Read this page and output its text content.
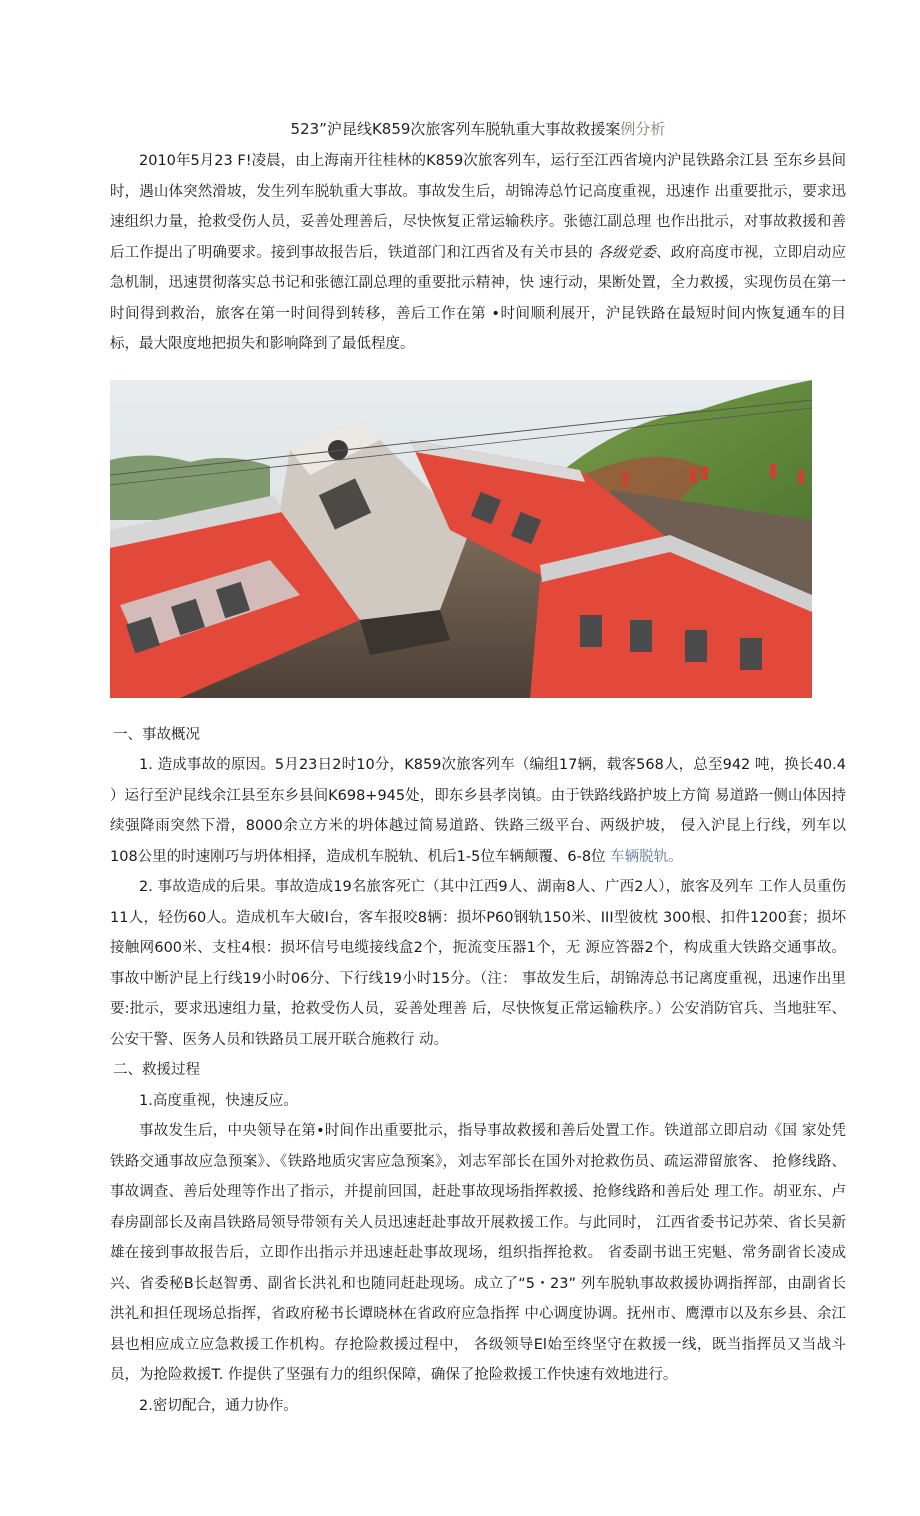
523”沪昆线K859次旅客列车脱轨重大事故救援案例分析

2010年5月23 F!凌晨，由上海南开往桂林的K859次旅客列车，运行至江西省境内沪昆铁路余江县 至东乡县间时，遇山体突然滑坡，发生列车脱轨重大事故。事故发生后，胡锦涛总竹记高度重视，迅速作 出重要批示，要求迅速组织力量，抢救受伤人员，妥善处理善后，尽快恢复正常运输秩序。张德江副总理 也作出批示，对事故救援和善后工作提出了明确要求。接到事故报告后，铁道部门和江西省及有关市县的 各级党委、政府高度市视，立即启动应急机制，迅速贯彻落实总书记和张德江副总理的重要批示精神，快 速行动，果断处置，全力救援，实现伤员在第一时间得到救治，旅客在第一时间得到转移，善后工作在第 •时间顺利展开，沪昆铁路在最短时间内恢复通车的目标，最大限度地把损失和影响降到了最低程度。

一、事故概况

1. 造成事故的原因。5月23日2时10分，K859次旅客列车（编组17辆，载客568人，总至942 吨，换长40.4 ）运行至沪昆线余江县至东乡县间K698+945处，即东乡县孝岗镇。由于铁路线路护坡上方简 易道路一侧山体因持续强降雨突然下滑，8000余立方米的坍体越过简易道路、铁路三级平台、两级护坡， 侵入沪昆上行线，列车以108公里的时速刚巧与坍体相择，造成机车脱轨、机后1-5位车辆颠覆、6-8位 车辆脱轨。

2. 事故造成的后果。事故造成19名旅客死亡（其中江西9人、湖南8人、广西2人），旅客及列车 工作人员重伤11人，轻伤60人。造成机车大破I台，客车报咬8辆：损坏P60钢轨150米、III型彼枕 300根、扣件1200套；损坏接触网600米、支柱4根：损坏信号电缆接线盒2个，扼流变压器1个，无 源应答器2个，构成重大铁路交通事故。事故中断沪昆上行线19小时06分、下行线19小时15分。（注： 事故发生后，胡锦涛总书记离度重视，迅速作出里要:批示，要求迅速组力量，抢救受伤人员，妥善处理善 后，尽快恢复正常运输秩序。）公安消防官兵、当地驻军、公安干警、医务人员和铁路员工展开联合施救行 动。

二、救援过程

1.高度重视，快速反应。

事故发生后，中央领导在第•时间作出重要批示，指导事故救援和善后处置工作。铁道部立即启动《国 家处凭铁路交通事故应急预案》、《铁路地质灾害应急预案》，刘志军部长在国外对抢救伤员、疏运滞留旅客、 抢修线路、事故调查、善后处理等作出了指示，并提前回国，赶赴事故现场指挥救援、抢修线路和善后处 理工作。胡亚东、卢春房副部长及南昌铁路局领导带领有关人员迅速赶赴事故开展救援工作。与此同时， 江西省委书记苏荣、省长吴新雄在接到事故报告后，立即作出指示并迅速赶赴事故现场，组织指挥抢救。 省委副书诎王宪魁、常务副省长凌成兴、省委秘B长赵智勇、副省长洪礼和也随同赶赴现场。成立了“5・23” 列车脱轨事故救援协调指挥部，由副省长洪礼和担任现场总指挥，省政府秘书长谭晓林在省政府应急指挥 中心调度协调。抚州市、鹰潭市以及东乡县、余江县也相应成立应急救援工作机构。存抢险救援过程中， 各级领导El始至终坚守在救援一线，既当指挥员又当战斗员，为抢险救援T. 作提供了坚强有力的组织保障，确保了抢险救援工作快速有效地进行。

2.密切配合，通力协作。
